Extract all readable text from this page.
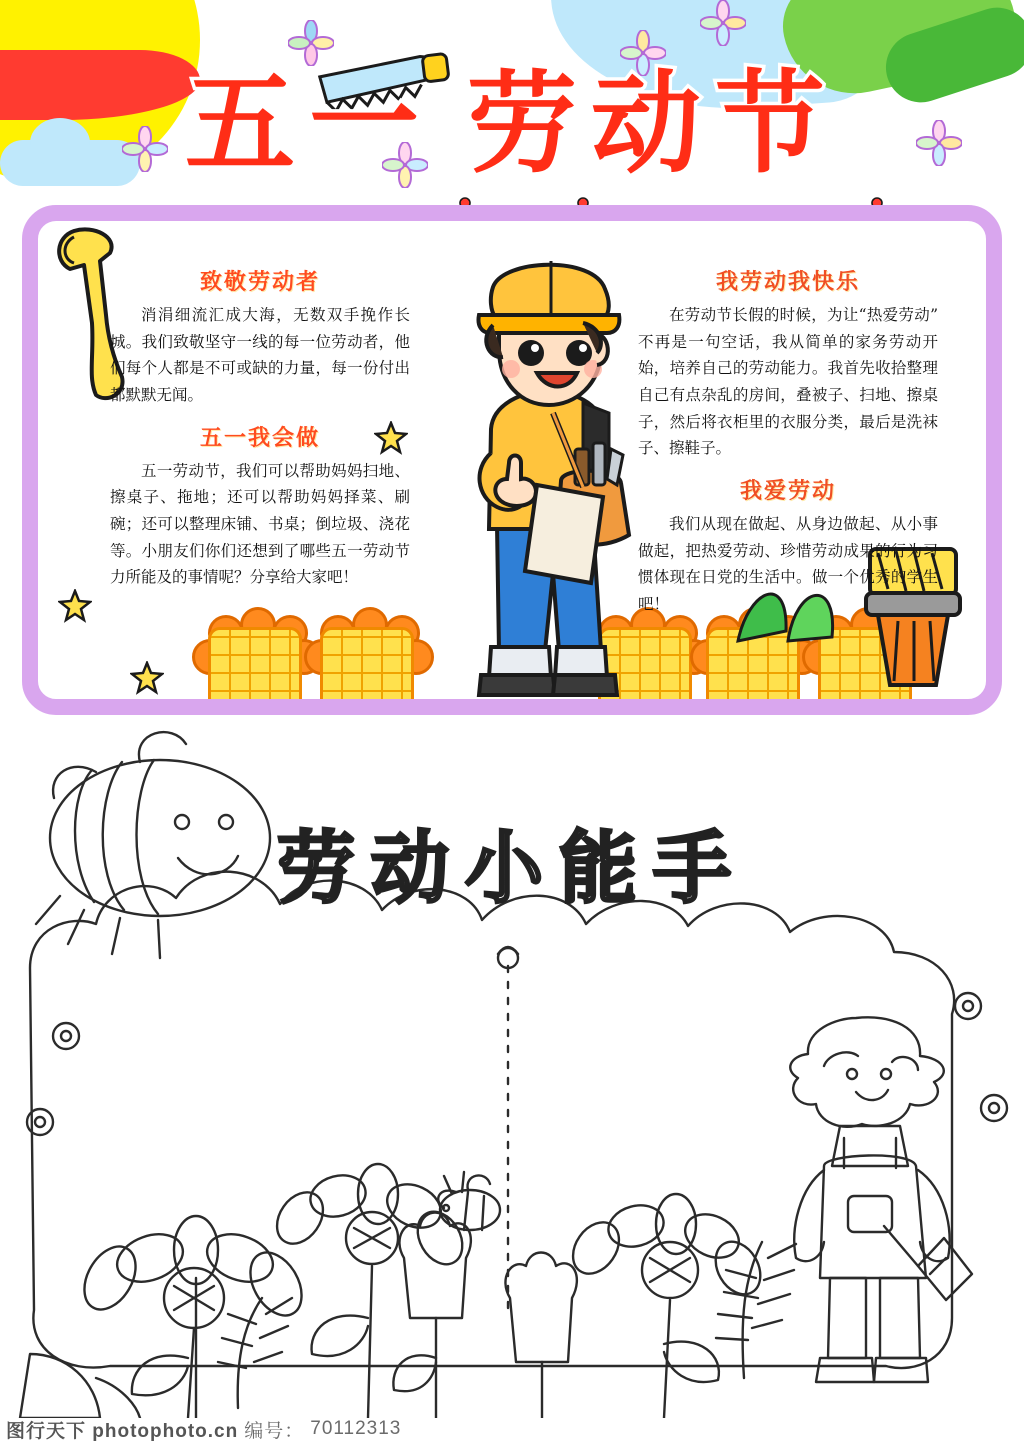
五一 劳动节
致敬劳动者

消涓细流汇成大海，无数双手挽作长城。我们致敬坚守一线的每一位劳动者，他们每个人都是不可或缺的力量，每一份付出都默默无闻。

五一我会做

五一劳动节，我们可以帮助妈妈扫地、擦桌子、拖地；还可以帮助妈妈择菜、刷碗；还可以整理床铺、书桌；倒垃圾、浇花等。小朋友们你们还想到了哪些五一劳动节力所能及的事情呢？分享给大家吧！

我劳动我快乐

在劳动节长假的时候，为让“热爱劳动”不再是一句空话，我从简单的家务劳动开始，培养自己的劳动能力。我首先收拾整理自己有点杂乱的房间，叠被子、扫地、擦桌子，然后将衣柜里的衣服分类，最后是洗袜子、擦鞋子。

我爱劳动

我们从现在做起、从身边做起、从小事做起，把热爱劳动、珍惜劳动成果的行为习惯体现在日党的生活中。做一个优秀的学生吧！

劳动小能手
图行天下 photophoto.cn 编号： 70112313
